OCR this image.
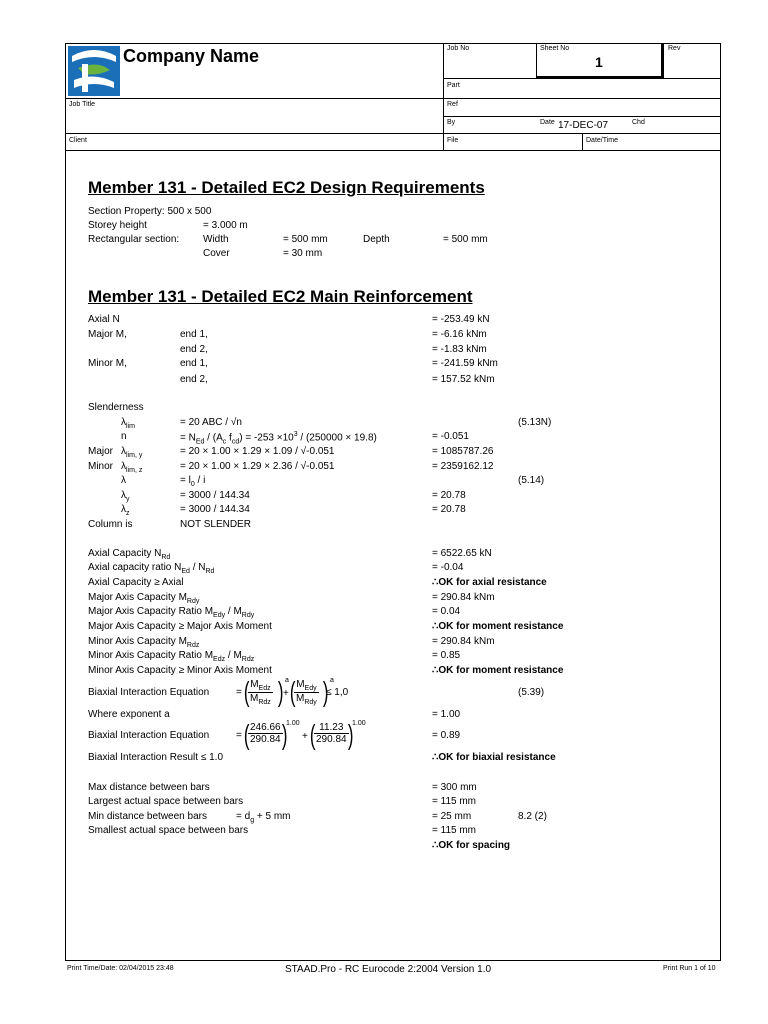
Company Name	Job No	Sheet No
1
Rev
Part
Job Title	Ref
By	Date 17-DEC-07	Chd
Client	File	Date/Time
Member 131 - Detailed EC2 Design Requirements
Section Property: 500 x 500
Storey height	= 3.000 m
Rectangular section: Width	= 500 mm	Depth	= 500 mm
Cover	= 30 mm
Member 131 - Detailed EC2 Main Reinforcement
Axial N	= -253.49 kN
Major M,	end 1,	= -6.16 kNm
end 2,	= -1.83 kNm
Minor M,	end 1,	= -241.59 kNm
end 2,	= 157.52 kNm
Slenderness
$\lambda_{lim}$	= 20 ABC / √n	(5.13N)
n	= $N_{Ed} / (A_c$ $f_{cd}) = -253 \times 10^3 / (250000 \times 19.8)$	= -0.051
Major $\lambda_{lim, y}$	= 20 × 1.00 × 1.29 × 1.09 / √-0.051	= 1085787.26
Minor $\lambda_{lim, z}$	= 20 × 1.00 × 1.29 × 2.36 / √-0.051	= 2359162.12
λ	= $l_0$ / i	(5.14)
$\lambda_y$	= 3000 / 144.34	= 20.78
$\lambda_z$	= 3000 / 144.34	= 20.78
Column is	NOT SLENDER
Axial Capacity $N_{Rd}$	= 6522.65 kN
Axial capacity ratio $N_{Ed} / N_{Rd}$	= -0.04
Axial Capacity ≥ Axial	∴OK for axial resistance
Major Axis Capacity $M_{Rdy}$	= 290.84 kNm
Major Axis Capacity Ratio $M_{Edy} / M_{Rdy}$	= 0.04
Major Axis Capacity ≥ Major Axis Moment	∴OK for moment resistance
Minor Axis Capacity $M_{Rdz}$	= 290.84 kNm
Minor Axis Capacity Ratio $M_{Edz} / M_{Rdz}$	= 0.85
Minor Axis Capacity ≥ Minor Axis Moment	∴OK for moment resistance
Biaxial Interaction Equation	= ( $M_{Edz}$
$M_{Rdz}$ ) a
+ ( $M_{Edy}$
$M_{Rdy}$ ) a
≤ 1,0	(5.39)
Where exponent a	= 1.00
Biaxial Interaction Equation	= (
$\frac{246.66}{290.84}$ )
1.00
+ (
$\frac{11.23}{290.84}$ )
1.00
= 0.89
Biaxial Interaction Result ≤ 1.0	∴OK for biaxial resistance
Max distance between bars	= 300 mm
Largest actual space between bars	= 115 mm
Min distance between bars	= $d_g + 5$ mm	= 25 mm	8.2 (2)
Smallest actual space between bars	= 115 mm
∴OK for spacing
Print Time/Date: 02/04/2015 23:48	STAAD.Pro - RC Eurocode 2:2004 Version 1.0	Print Run 1 of 10
